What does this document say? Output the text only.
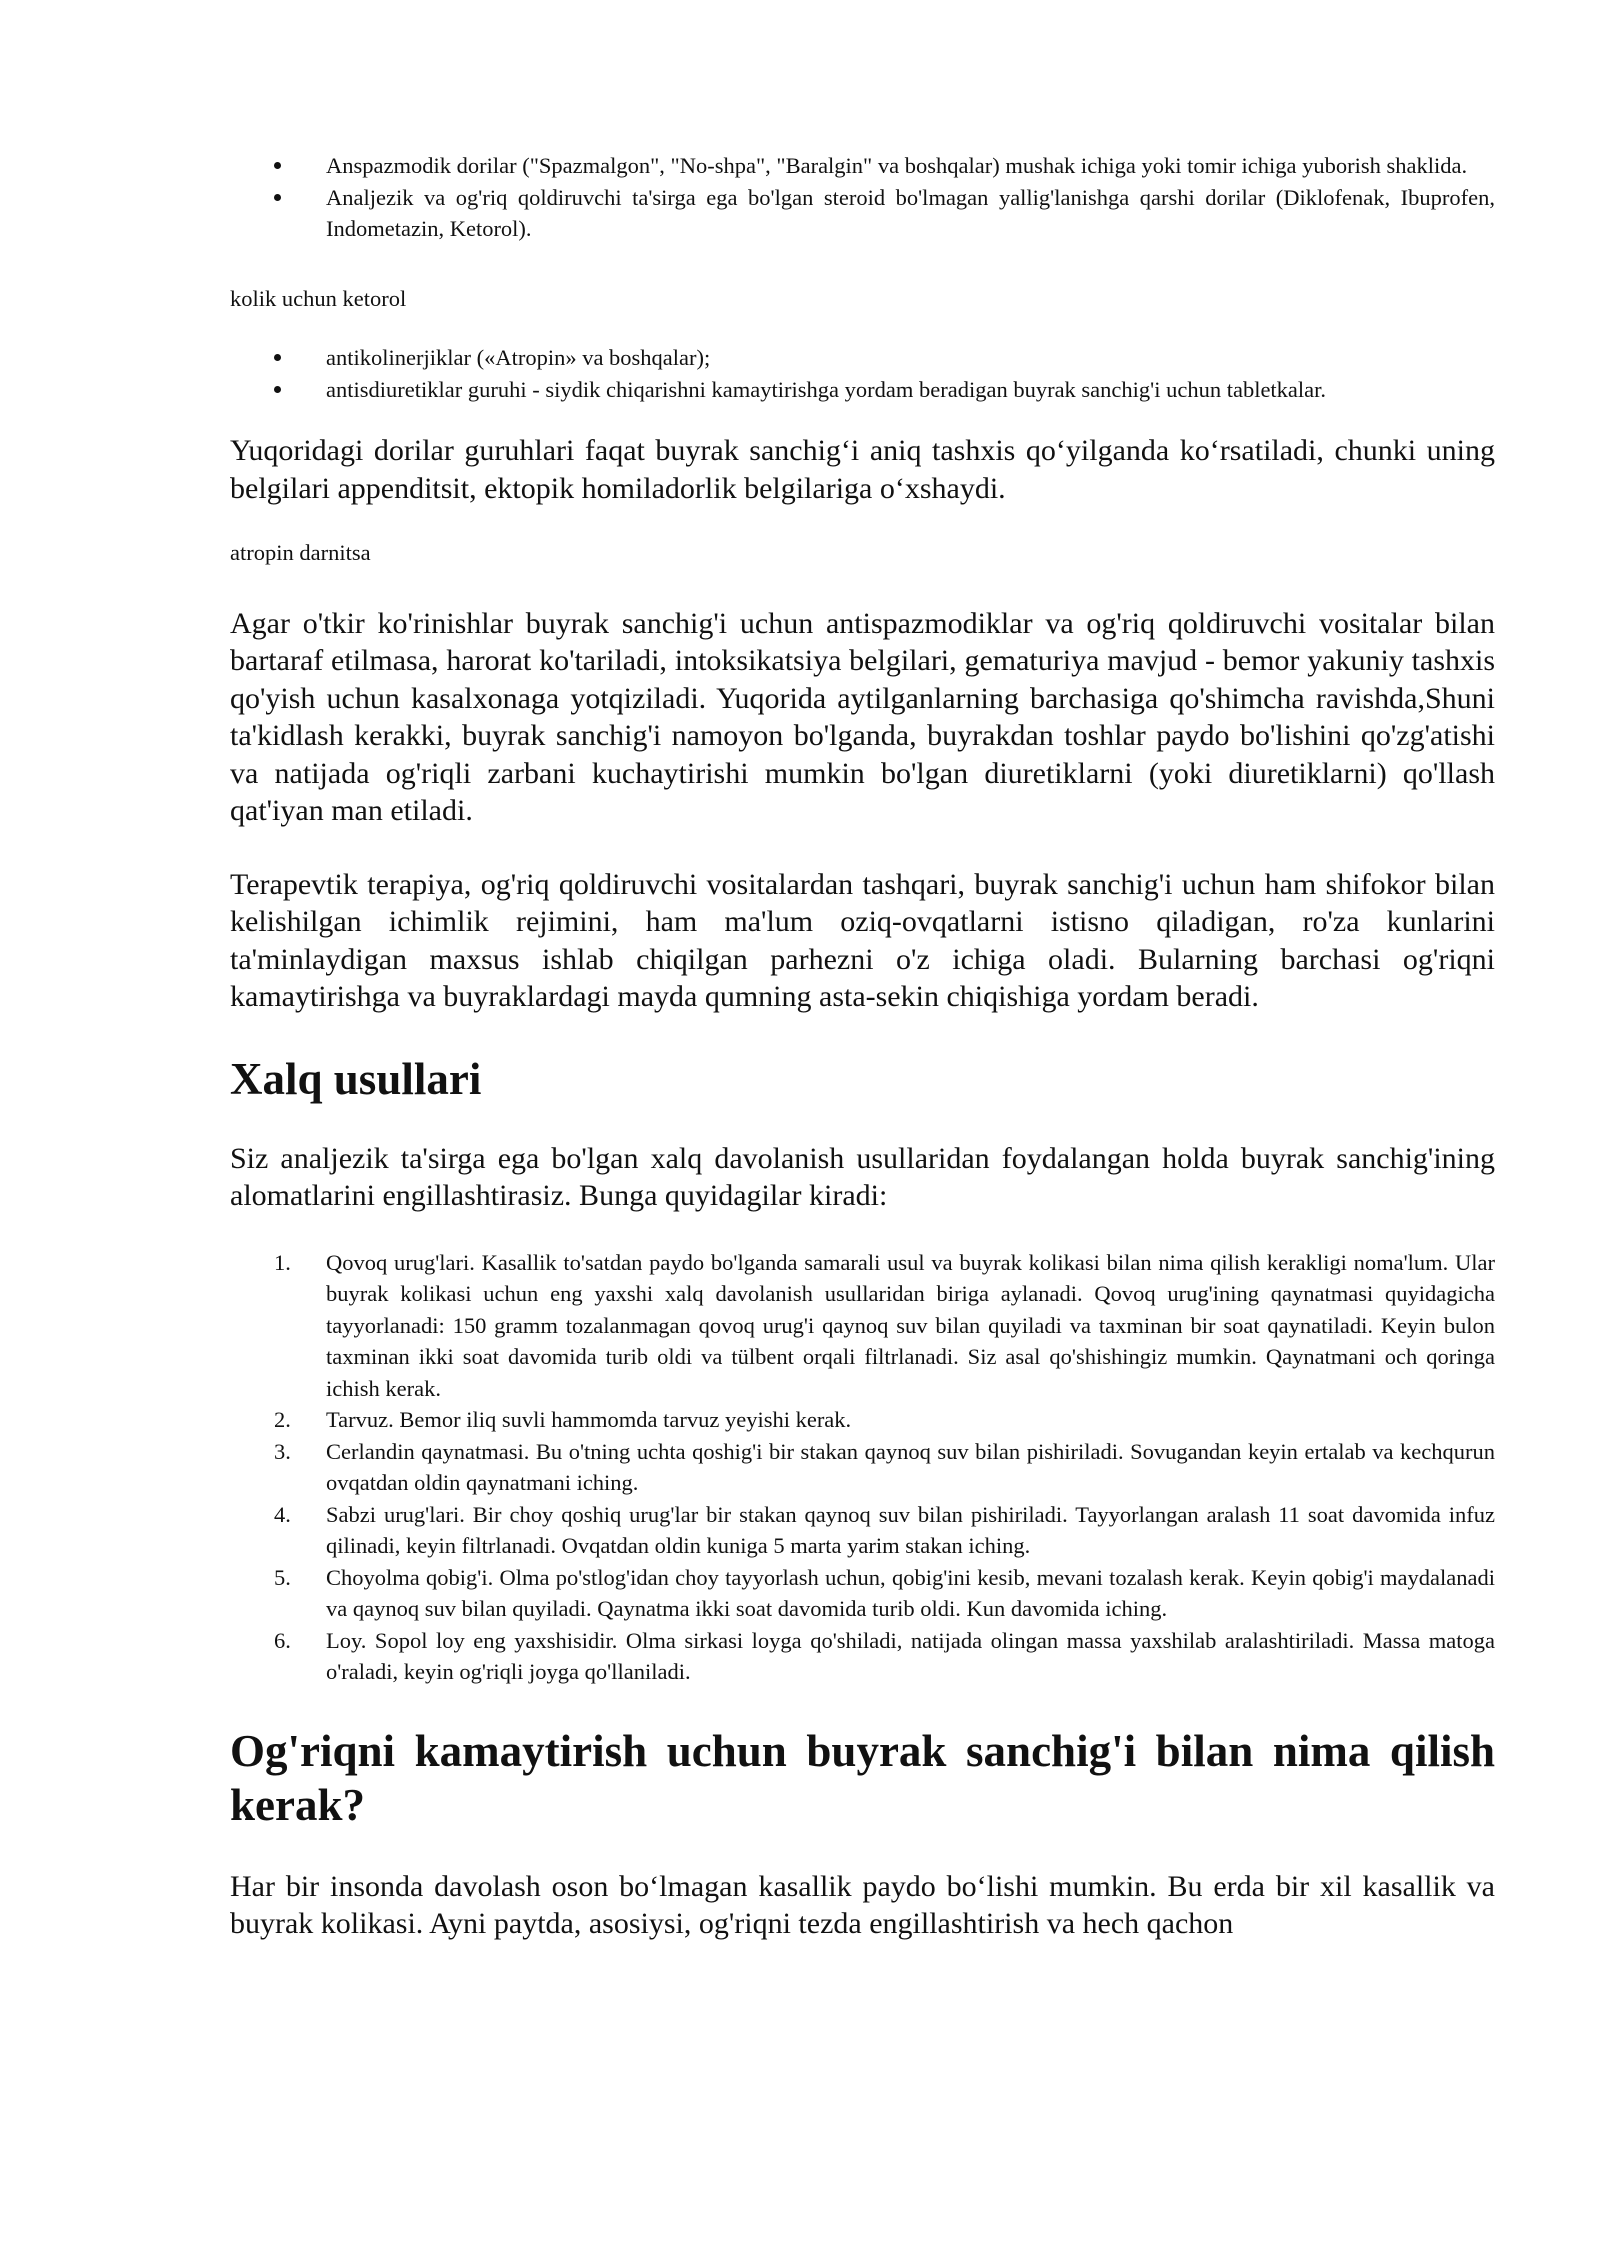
Anspazmodik dorilar ("Spazmalgon", "No-shpa", "Baralgin" va boshqalar) mushak ichiga yoki tomir ichiga yuborish shaklida.
Analjezik va og'riq qoldiruvchi ta'sirga ega bo'lgan steroid bo'lmagan yallig'lanishga qarshi dorilar (Diklofenak, Ibuprofen, Indometazin, Ketorol).

kolik uchun ketorol

antikolinerjiklar («Atropin» va boshqalar);
antisdiuretiklar guruhi - siydik chiqarishni kamaytirishga yordam beradigan buyrak sanchig'i uchun tabletkalar.

Yuqoridagi dorilar guruhlari faqat buyrak sanchig‘i aniq tashxis qo‘yilganda ko‘rsatiladi, chunki uning belgilari appenditsit, ektopik homiladorlik belgilariga o‘xshaydi.

atropin darnitsa

Agar o'tkir ko'rinishlar buyrak sanchig'i uchun antispazmodiklar va og'riq qoldiruvchi vositalar bilan bartaraf etilmasa, harorat ko'tariladi, intoksikatsiya belgilari, gematuriya mavjud - bemor yakuniy tashxis qo'yish uchun kasalxonaga yotqiziladi. Yuqorida aytilganlarning barchasiga qo'shimcha ravishda,Shuni ta'kidlash kerakki, buyrak sanchig'i namoyon bo'lganda, buyrakdan toshlar paydo bo'lishini qo'zg'atishi va natijada og'riqli zarbani kuchaytirishi mumkin bo'lgan diuretiklarni (yoki diuretiklarni) qo'llash qat'iyan man etiladi.

Terapevtik terapiya, og'riq qoldiruvchi vositalardan tashqari, buyrak sanchig'i uchun ham shifokor bilan kelishilgan ichimlik rejimini, ham ma'lum oziq-ovqatlarni istisno qiladigan, ro'za kunlarini ta'minlaydigan maxsus ishlab chiqilgan parhezni o'z ichiga oladi. Bularning barchasi og'riqni kamaytirishga va buyraklardagi mayda qumning asta-sekin chiqishiga yordam beradi.

Xalq usullari

Siz analjezik ta'sirga ega bo'lgan xalq davolanish usullaridan foydalangan holda buyrak sanchig'ining alomatlarini engillashtirasiz. Bunga quyidagilar kiradi:

1. Qovoq urug'lari. Kasallik to'satdan paydo bo'lganda samarali usul va buyrak kolikasi bilan nima qilish kerakligi noma'lum. Ular buyrak kolikasi uchun eng yaxshi xalq davolanish usullaridan biriga aylanadi. Qovoq urug'ining qaynatmasi quyidagicha tayyorlanadi: 150 gramm tozalanmagan qovoq urug'i qaynoq suv bilan quyiladi va taxminan bir soat qaynatiladi. Keyin bulon taxminan ikki soat davomida turib oldi va tülbent orqali filtrlanadi. Siz asal qo'shishingiz mumkin. Qaynatmani och qoringa ichish kerak.
2. Tarvuz. Bemor iliq suvli hammomda tarvuz yeyishi kerak.
3. Cerlandin qaynatmasi. Bu o'tning uchta qoshig'i bir stakan qaynoq suv bilan pishiriladi. Sovugandan keyin ertalab va kechqurun ovqatdan oldin qaynatmani iching.
4. Sabzi urug'lari. Bir choy qoshiq urug'lar bir stakan qaynoq suv bilan pishiriladi. Tayyorlangan aralash 11 soat davomida infuz qilinadi, keyin filtrlanadi. Ovqatdan oldin kuniga 5 marta yarim stakan iching.
5. Choyolma qobig'i. Olma po'stlog'idan choy tayyorlash uchun, qobig'ini kesib, mevani tozalash kerak. Keyin qobig'i maydalanadi va qaynoq suv bilan quyiladi. Qaynatma ikki soat davomida turib oldi. Kun davomida iching.
6. Loy. Sopol loy eng yaxshisidir. Olma sirkasi loyga qo'shiladi, natijada olingan massa yaxshilab aralashtiriladi. Massa matoga o'raladi, keyin og'riqli joyga qo'llaniladi.
Og'riqni kamaytirish uchun buyrak sanchig'i bilan nima qilish kerak?

Har bir insonda davolash oson bo‘lmagan kasallik paydo bo‘lishi mumkin. Bu erda bir xil kasallik va buyrak kolikasi. Ayni paytda, asosiysi, og'riqni tezda engillashtirish va hech qachon
